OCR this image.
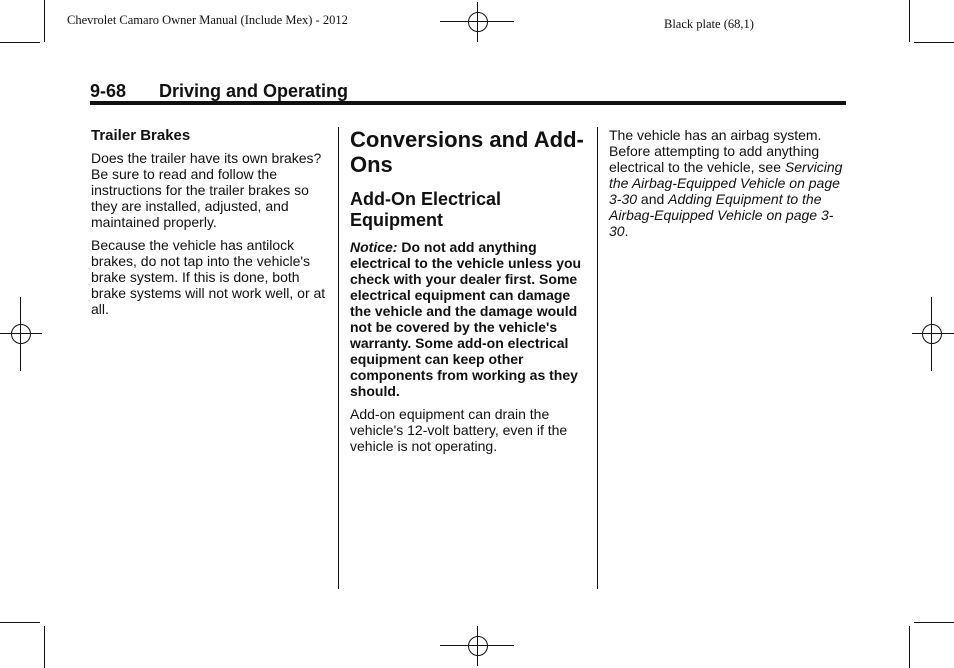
Chevrolet Camaro Owner Manual (Include Mex) - 2012	Black plate (68,1)
9-68 Driving and Operating
Trailer Brakes

Does the trailer have its own brakes? Be sure to read and follow the instructions for the trailer brakes so they are installed, adjusted, and maintained properly.

Because the vehicle has antilock brakes, do not tap into the vehicle's brake system. If this is done, both brake systems will not work well, or at all.

Conversions and Add-Ons
Add-On Electrical Equipment

Notice: Do not add anything electrical to the vehicle unless you check with your dealer first. Some electrical equipment can damage the vehicle and the damage would not be covered by the vehicle's warranty. Some add-on electrical equipment can keep other components from working as they should.

Add-on equipment can drain the vehicle's 12-volt battery, even if the vehicle is not operating.

The vehicle has an airbag system. Before attempting to add anything electrical to the vehicle, see Servicing the Airbag-Equipped Vehicle on page 3-30 and Adding Equipment to the Airbag-Equipped Vehicle on page 3-30.
